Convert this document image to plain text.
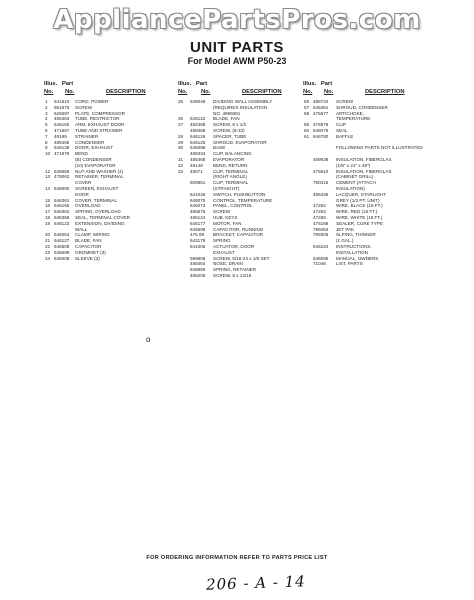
AppliancePartsPros.com
UNIT PARTS
For Model AWM P50-23
Illus. Part
No. No.	DESCRIPTION
Illus. Part
No. No.	DESCRIPTION
Illus. Part
No. No.	DESCRIPTION
1 641810 CORD, POWER
2 661875 SCREW
3 626697 PLATE, COMPRESSOR
4 485464 TUBE, RESTRICTOR
5 646165 ARM, EXHAUST DOOR
6 471667 TUBE AND STRAINER
7 49199 STRAINER
8 485465 CONDENSER
9 646139 DOOR, EXHAUST
10 471879 BEND
(B) CONDENSER
(10) EVAPORATOR
12 646668 NUT AND WASHER (4)
13 475062 RETAINER, TERMINAL
COVER
14 646690 SCREEN, EXHAUST
DOOR
15 646361 COVER, TERMINAL
16 646165 OVERLOAD
17 646362 SPRING, OVERLOAD
18 645366 SEAL, TERMINAL COVER
19 646123 EXTENSION, DIVIDING
WALL
20 646054 CLAMP, WIRING
21 646127 BLADE, FAN
22 646508 CAPACITOR
23 645699 GROMMET (3)
24 649408 SLEEVE (3)
25 649049 DIVIDING WALL ASSEMBLY
(REQUIRES INSULATION
NO. 4699381
26 646122 BLADE, FAN
27 482468 SCREW, 8 x 1/2
498468 SCREW, (8-32)
28 646126 SPACER, TUBE
29 646125 SHROUD, EVAPORATOR
30 646095 BASE
488334 CLIP, BALANCING
31 485468 EVAPORATOR
32 49148 BEND, RETURN
33 48571 CLIP, TERMINAL
(RIGHT ANGLE)
609861 CLIP, TERMINAL
(STRAIGHT)
641046 SWITCH, PUSHBUTTON
649075 CONTROL, TEMPERATURE
646072 PANEL, CONTROL
486576 SCREW
486124 HUB, KEYS
646177 MOTOR, FAN
645698 CAPACITOR, RUNNING
475 89 BRACKET, CAPACITOR
643179 SPRING
641005 ACTUATOR, DOOR
EXHAUST
599605 SCREW, 5/16-24 x 1/8 SET
485464 NOSE, DRAIN
648860 SPRING, RETAINER
486206 SCREW, 8 x 13/16
56 488734 SCREW
57 646361 SHROUD, CONDENSER
58 475577 ARTICHOKE,
TEMPERATURE
59 475578 CLIP
60 646075 SEAL
61 646780 BAFFLE
FOLLOWING PARTS NOT ILLUSTRATED
469938 INSULATION, FIBERGLAS
(1/8" x 21" x 48")
475610 INSULATION, FIBERGLAS
(CABINET GRILL)
790416 CEMENT (ATTACH
INSULATION)
485436 LACQUER, STARLIGHT
GREY (1/2 PT. UNIT)
47264 WIRE, BLACK (15 FT.)
47263 WIRE, RED (15 FT.)
47265 WIRE, WHITE (15 FT.)
475168 SEALER, CURE TYPE
799453 JET PAK
799305 SLPING, THINNER
(1 GAL.)
646164 INSTRUCTIONS,
INSTALLATION
646095 MANUAL, OWNERS
71048 LIST, PARTS
o
FOR ORDERING INFORMATION REFER TO PARTS PRICE LIST
206 - A - 14
